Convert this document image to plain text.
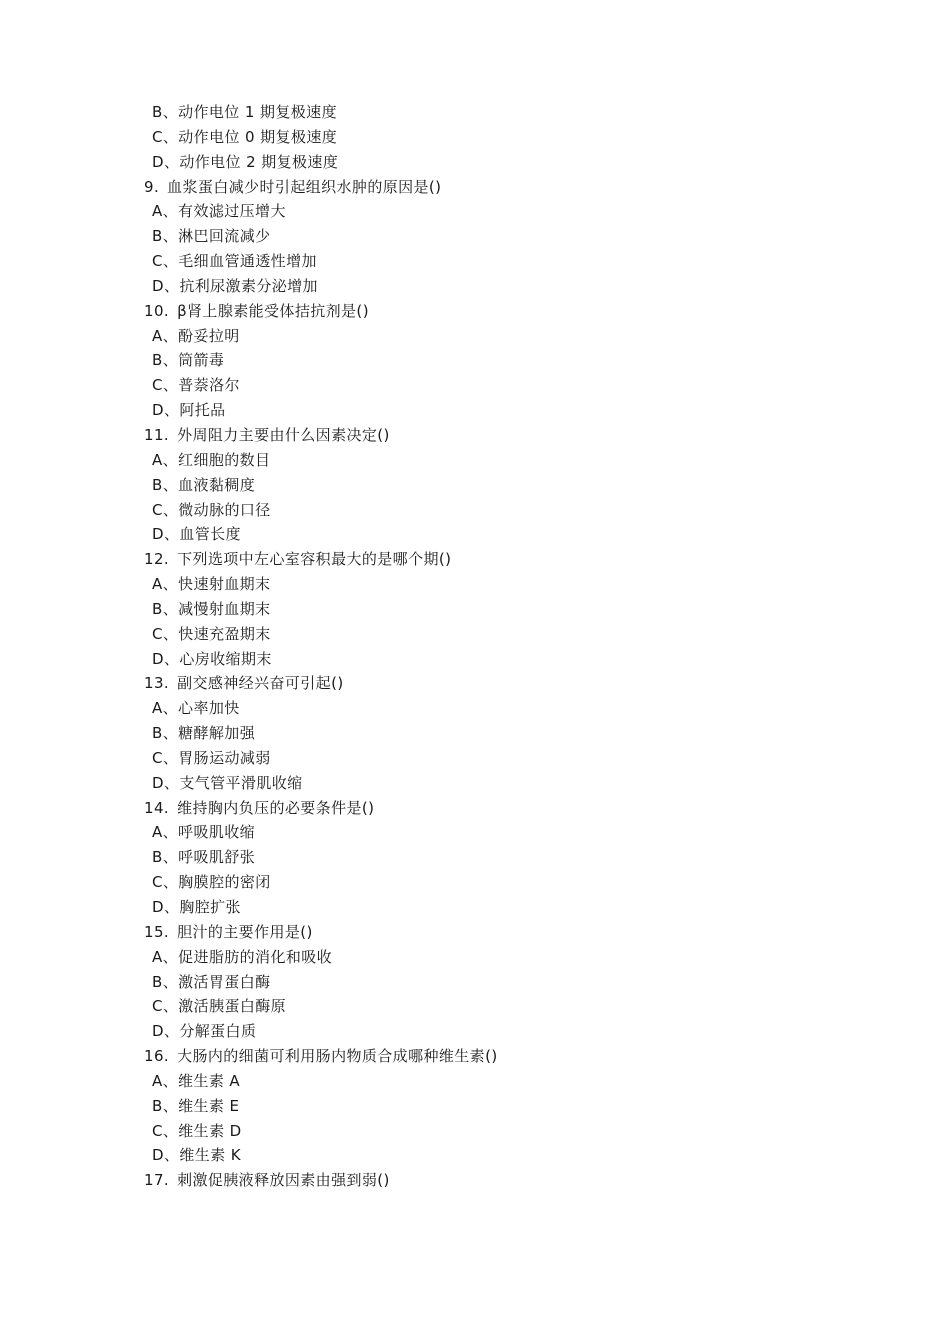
B、动作电位 1 期复极速度
C、动作电位 0 期复极速度
D、动作电位 2 期复极速度
9. 血浆蛋白减少时引起组织水肿的原因是()
A、有效滤过压增大
B、淋巴回流减少
C、毛细血管通透性增加
D、抗利尿激素分泌增加
10. β肾上腺素能受体拮抗剂是()
A、酚妥拉明
B、筒箭毒
C、普萘洛尔
D、阿托品
11. 外周阻力主要由什么因素决定()
A、红细胞的数目
B、血液黏稠度
C、微动脉的口径
D、血管长度
12. 下列选项中左心室容积最大的是哪个期()
A、快速射血期末
B、减慢射血期末
C、快速充盈期末
D、心房收缩期末
13. 副交感神经兴奋可引起()
A、心率加快
B、糖酵解加强
C、胃肠运动减弱
D、支气管平滑肌收缩
14. 维持胸内负压的必要条件是()
A、呼吸肌收缩
B、呼吸肌舒张
C、胸膜腔的密闭
D、胸腔扩张
15. 胆汁的主要作用是()
A、促进脂肪的消化和吸收
B、激活胃蛋白酶
C、激活胰蛋白酶原
D、分解蛋白质
16. 大肠内的细菌可利用肠内物质合成哪种维生素()
A、维生素 A
B、维生素 E
C、维生素 D
D、维生素 K
17. 刺激促胰液释放因素由强到弱()
